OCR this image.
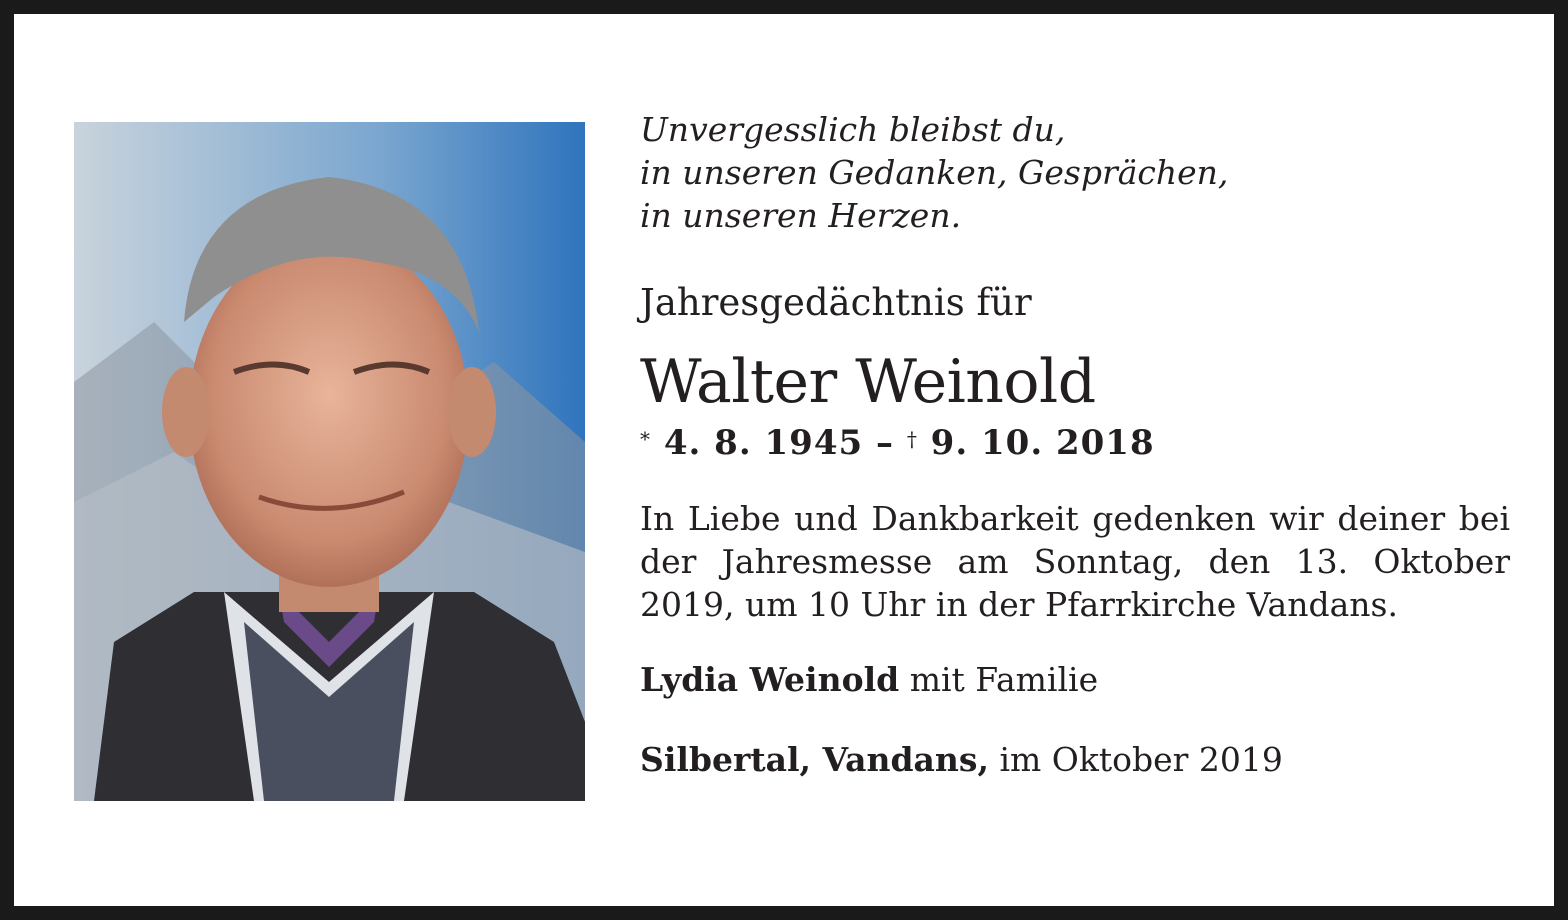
Unvergesslich bleibst du,
in unseren Gedanken, Gesprächen,
in unseren Herzen.
Jahresgedächtnis für
Walter Weinold
* 4. 8. 1945 – † 9. 10. 2018
In Liebe und Dankbarkeit gedenken wir deiner bei der Jahresmesse am Sonntag, den 13. Oktober 2019, um 10 Uhr in der Pfarrkirche Vandans.
Lydia Weinold mit Familie
Silbertal, Vandans, im Oktober 2019
